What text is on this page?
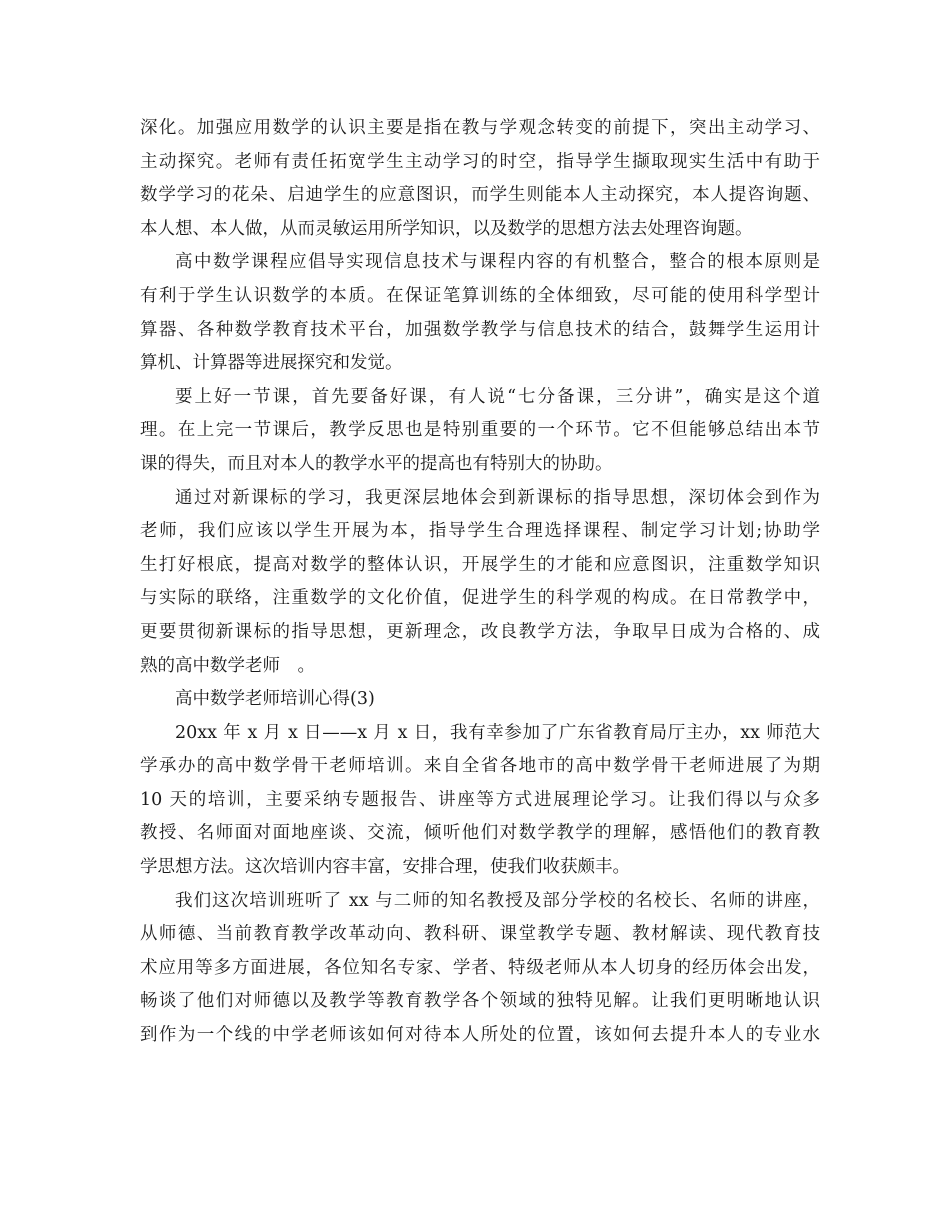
深化。加强应用数学的认识主要是指在教与学观念转变的前提下，突出主动学习、
主动探究。老师有责任拓宽学生主动学习的时空，指导学生撷取现实生活中有助于
数学学习的花朵、启迪学生的应意图识，而学生则能本人主动探究，本人提咨询题、
本人想、本人做，从而灵敏运用所学知识，以及数学的思想方法去处理咨询题。
高中数学课程应倡导实现信息技术与课程内容的有机整合，整合的根本原则是
有利于学生认识数学的本质。在保证笔算训练的全体细致，尽可能的使用科学型计
算器、各种数学教育技术平台，加强数学教学与信息技术的结合，鼓舞学生运用计
算机、计算器等进展探究和发觉。
要上好一节课，首先要备好课，有人说“七分备课，三分讲”，确实是这个道
理。在上完一节课后，教学反思也是特别重要的一个环节。它不但能够总结出本节
课的得失，而且对本人的教学水平的提高也有特别大的协助。
通过对新课标的学习，我更深层地体会到新课标的指导思想，深切体会到作为
老师，我们应该以学生开展为本，指导学生合理选择课程、制定学习计划;协助学
生打好根底，提高对数学的整体认识，开展学生的才能和应意图识，注重数学知识
与实际的联络，注重数学的文化价值，促进学生的科学观的构成。在日常教学中，
更要贯彻新课标的指导思想，更新理念，改良教学方法，争取早日成为合格的、成
熟的高中数学老师　。
高中数学老师培训心得(3)
20xx 年 x 月 x 日——x 月 x 日，我有幸参加了广东省教育局厅主办，xx 师范大
学承办的高中数学骨干老师培训。来自全省各地市的高中数学骨干老师进展了为期
10 天的培训，主要采纳专题报告、讲座等方式进展理论学习。让我们得以与众多
教授、名师面对面地座谈、交流，倾听他们对数学教学的理解，感悟他们的教育教
学思想方法。这次培训内容丰富，安排合理，使我们收获颇丰。
我们这次培训班听了 xx 与二师的知名教授及部分学校的名校长、名师的讲座，
从师德、当前教育教学改革动向、教科研、课堂教学专题、教材解读、现代教育技
术应用等多方面进展，各位知名专家、学者、特级老师从本人切身的经历体会出发，
畅谈了他们对师德以及教学等教育教学各个领域的独特见解。让我们更明晰地认识
到作为一个线的中学老师该如何对待本人所处的位置，该如何去提升本人的专业水
